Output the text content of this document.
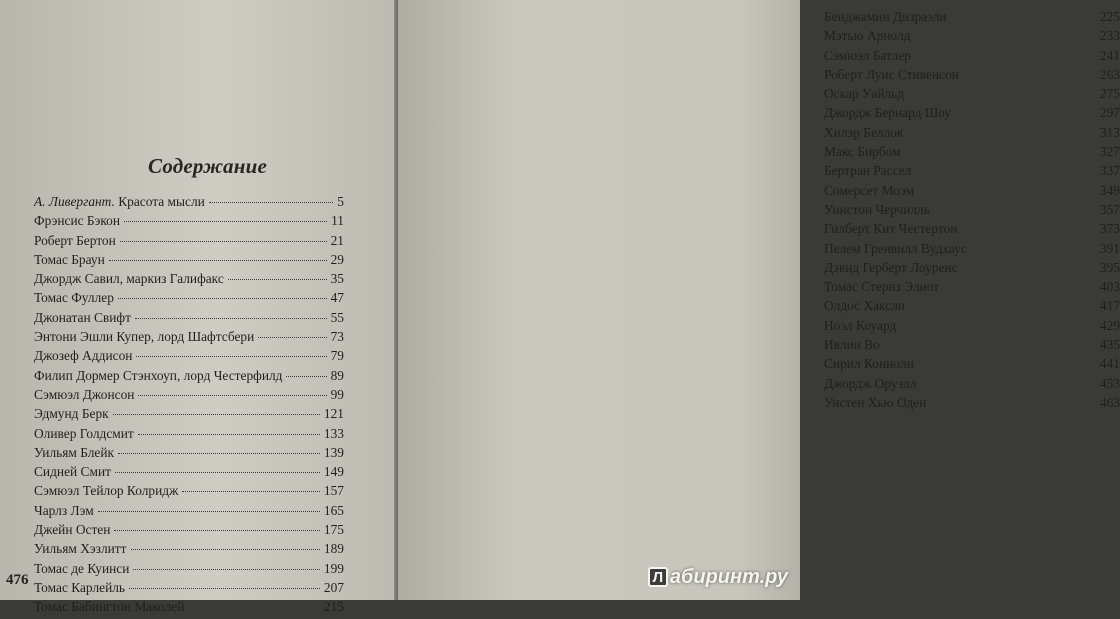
Содержание
А. Ливергант. Красота мысли	5
Фрэнсис Бэкон	11
Роберт Бертон	21
Томас Браун	29
Джордж Савил, маркиз Галифакс	35
Томас Фуллер	47
Джонатан Свифт	55
Энтони Эшли Купер, лорд Шафтсбери	73
Джозеф Аддисон	79
Филип Дормер Стэнхоуп, лорд Честерфилд	89
Сэмюэл Джонсон	99
Эдмунд Берк	121
Оливер Голдсмит	133
Уильям Блейк	139
Сидней Смит	149
Сэмюэл Тейлор Колридж	157
Чарлз Лэм	165
Джейн Остен	175
Уильям Хэзлитт	189
Томас де Куинси	199
Томас Карлейль	207
Томас Бабингтон Маколей	215

476

Бенджамин Дизраэли	225
Мэтью Арнолд	233
Сэмюэл Батлер	241
Роберт Луис Стивенсон	263
Оскар Уайльд	275
Джордж Бернард Шоу	297
Хилэр Беллок	313
Макс Бирбом	327
Бертран Рассел	337
Сомерсет Моэм	349
Уинстон Черчилль	357
Гилберт Кит Честертон	373
Пелем Гренвилл Вудхаус	391
Дэвид Герберт Лоуренс	395
Томас Стернз Элиот	403
Олдос Хаксли	417
Ноэл Коуард	429
Ивлин Во	435
Сирил Коннoли	441
Джордж Оруэлл	453
Уистен Хью Оден	463
Л абиринт.ру
